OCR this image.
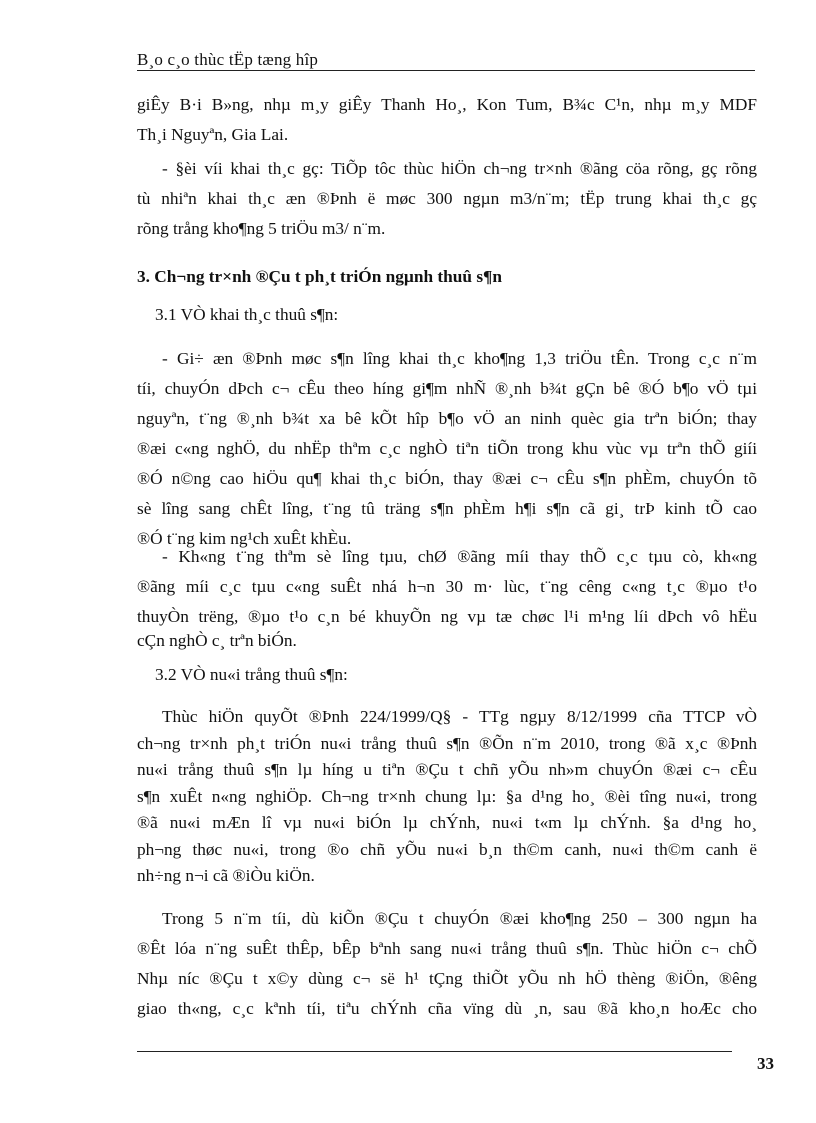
B¸o c¸o thùc tËp tæng hîp
giÊy B·i B»ng, nhµ m¸y giÊy Thanh Ho¸, Kon Tum, B¾c C¹n, nhµ m¸y MDF
Th¸i Nguyªn, Gia Lai.
- §èi víi khai th¸c gç: TiÕp tôc thùc hiÖn ch¬ng tr×nh ®ãng cöa rõng, gç rõng
tù nhiªn khai th¸c æn ®Þnh ë møc 300 ngµn m3/n¨m; tËp trung khai th¸c gç
rõng trång kho¶ng 5 triÖu m3/ n¨m.
3. Ch¬ng tr×nh ®Çu t ph¸t triÓn ngµnh thuû s¶n
3.1 VÒ khai th¸c thuû s¶n:
- Gi÷ æn ®Þnh møc s¶n lîng khai th¸c kho¶ng 1,3 triÖu tÊn. Trong c¸c n¨m
tíi, chuyÓn dÞch c¬ cÊu theo híng gi¶m nhÑ ®¸nh b¾t gÇn bê ®Ó b¶o vÖ tµi
nguyªn, t¨ng ®¸nh b¾t xa bê kÕt hîp b¶o vÖ an ninh quèc gia trªn biÓn; thay
®æi c«ng nghÖ, du nhËp thªm c¸c nghÒ tiªn tiÕn trong khu vùc vµ trªn thÕ giíi
®Ó n©ng cao hiÖu qu¶ khai th¸c biÓn, thay ®æi c¬ cÊu s¶n phÈm, chuyÓn tõ
sè lîng sang chÊt lîng, t¨ng tû träng s¶n phÈm h¶i s¶n cã gi¸ trÞ kinh tÕ cao
®Ó t¨ng kim ng¹ch xuÊt khÈu.
- Kh«ng t¨ng thªm sè lîng tµu, chØ ®ãng míi thay thÕ c¸c tµu cò, kh«ng
®ãng míi c¸c tµu c«ng suÊt nhá h¬n 30 m· lùc, t¨ng cêng c«ng t¸c ®µo t¹o
thuyÒn trëng, ®µo t¹o c¸n bé khuyÕn ng vµ tæ chøc l¹i m¹ng líi dÞch vô hËu
cÇn nghÒ c¸ trªn biÓn.
3.2 VÒ nu«i trång thuû s¶n:
Thùc hiÖn quyÕt ®Þnh 224/1999/Q§ - TTg ngµy 8/12/1999 cña TTCP vÒ
ch¬ng tr×nh ph¸t triÓn nu«i trång thuû s¶n ®Õn n¨m 2010, trong ®ã x¸c ®Þnh
nu«i trång thuû s¶n lµ híng u tiªn ®Çu t chñ yÕu nh»m chuyÓn ®æi c¬ cÊu
s¶n xuÊt n«ng nghiÖp. Ch¬ng tr×nh chung lµ: §a d¹ng ho¸ ®èi tîng nu«i, trong
®ã nu«i mÆn lî vµ nu«i biÓn lµ chÝnh, nu«i t«m lµ chÝnh. §a d¹ng ho¸
ph¬ng thøc nu«i, trong ®o chñ yÕu nu«i b¸n th©m canh, nu«i th©m canh ë
nh÷ng n¬i cã ®iÒu kiÖn.
Trong 5 n¨m tíi, dù kiÕn ®Çu t chuyÓn ®æi kho¶ng 250 – 300 ngµn ha
®Êt lóa n¨ng suÊt thÊp, bÊp bªnh sang nu«i trång thuû s¶n. Thùc hiÖn c¬ chÕ
Nhµ níc ®Çu t x©y dùng c¬ së h¹ tÇng thiÕt yÕu nh hÖ thèng ®iÖn, ®êng
giao th«ng, c¸c kªnh tíi, tiªu chÝnh cña vïng dù ¸n, sau ®ã kho¸n hoÆc cho
33
